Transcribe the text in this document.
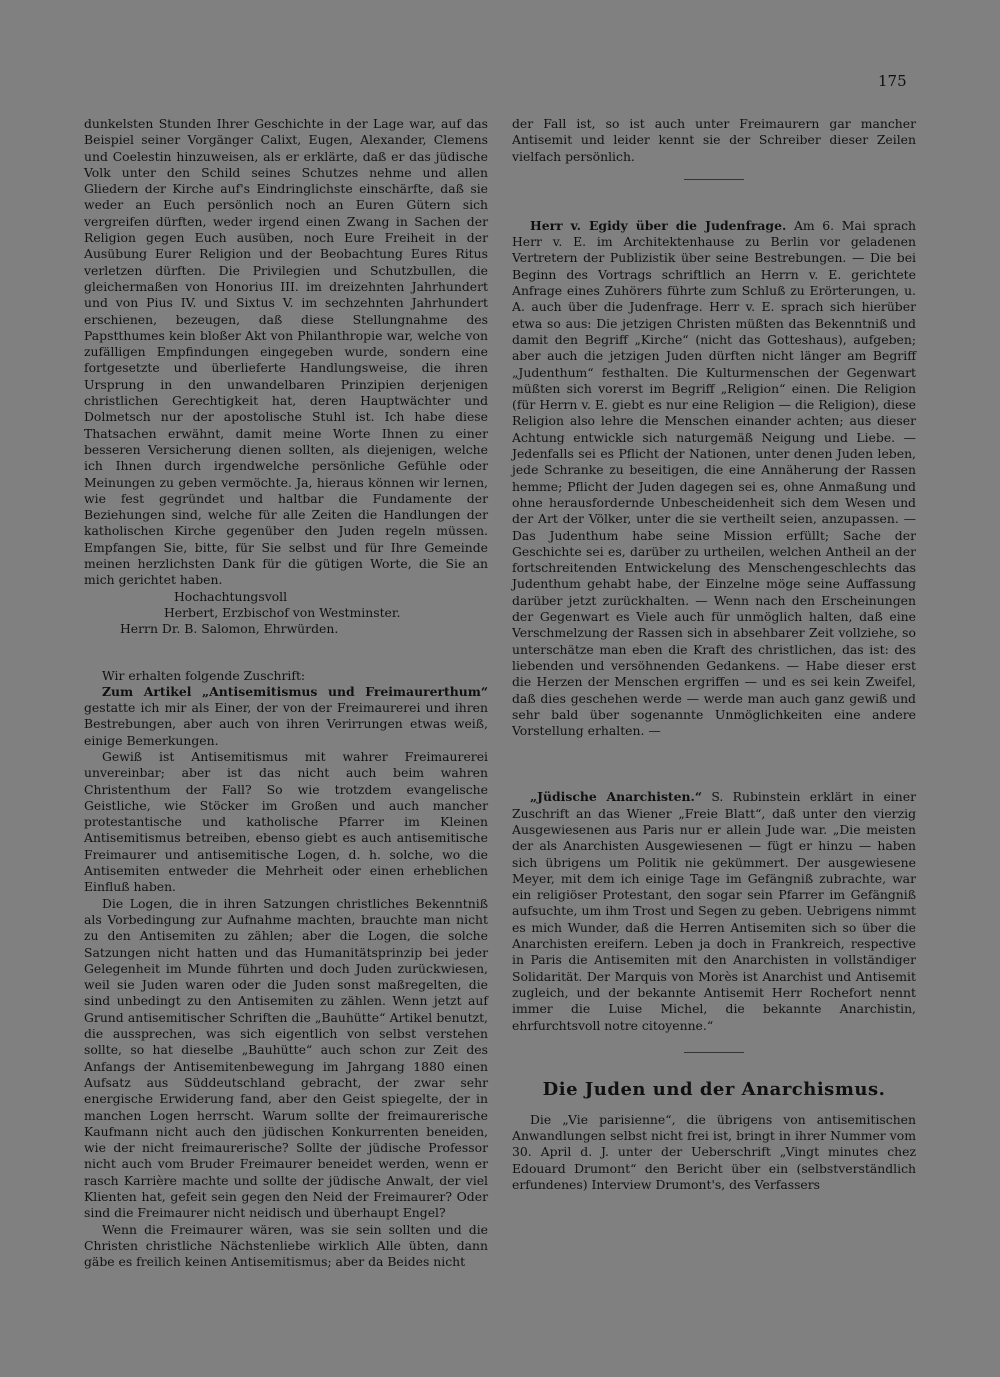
175

dunkelsten Stunden Ihrer Geschichte in der Lage war, auf das Beispiel seiner Vorgänger Calixt, Eugen, Alexander, Clemens und Coelestin hinzuweisen, als er erklärte, daß er das jüdische Volk unter den Schild seines Schutzes nehme und allen Gliedern der Kirche auf's Eindringlichste einschärfte, daß sie weder an Euch persönlich noch an Euren Gütern sich vergreifen dürften, weder irgend einen Zwang in Sachen der Religion gegen Euch ausüben, noch Eure Freiheit in der Ausübung Eurer Religion und der Beobachtung Eures Ritus verletzen dürften. Die Privilegien und Schutzbullen, die gleichermaßen von Honorius III. im dreizehnten Jahrhundert und von Pius IV. und Sixtus V. im sechzehnten Jahrhundert erschienen, bezeugen, daß diese Stellungnahme des Papstthumes kein bloßer Akt von Philanthropie war, welche von zufälligen Empfindungen eingegeben wurde, sondern eine fortgesetzte und überlieferte Handlungsweise, die ihren Ursprung in den unwandelbaren Prinzipien derjenigen christlichen Gerechtigkeit hat, deren Hauptwächter und Dolmetsch nur der apostolische Stuhl ist. Ich habe diese Thatsachen erwähnt, damit meine Worte Ihnen zu einer besseren Versicherung dienen sollten, als diejenigen, welche ich Ihnen durch irgendwelche persönliche Gefühle oder Meinungen zu geben vermöchte. Ja, hieraus können wir lernen, wie fest gegründet und haltbar die Fundamente der Beziehungen sind, welche für alle Zeiten die Handlungen der katholischen Kirche gegenüber den Juden regeln müssen. Empfangen Sie, bitte, für Sie selbst und für Ihre Gemeinde meinen herzlichsten Dank für die gütigen Worte, die Sie an mich gerichtet haben.

Hochachtungsvoll
Herbert, Erzbischof von Westminster.
Herrn Dr. B. Salomon, Ehrwürden.

Wir erhalten folgende Zuschrift:

Zum Artikel „Antisemitismus und Freimaurerthum“ gestatte ich mir als Einer, der von der Freimaurerei und ihren Bestrebungen, aber auch von ihren Verirrungen etwas weiß, einige Bemerkungen.

Gewiß ist Antisemitismus mit wahrer Freimaurerei unvereinbar; aber ist das nicht auch beim wahren Christenthum der Fall? So wie trotzdem evangelische Geistliche, wie Stöcker im Großen und auch mancher protestantische und katholische Pfarrer im Kleinen Antisemitismus betreiben, ebenso giebt es auch antisemitische Freimaurer und antisemitische Logen, d. h. solche, wo die Antisemiten entweder die Mehrheit oder einen erheblichen Einfluß haben.

Die Logen, die in ihren Satzungen christliches Bekenntniß als Vorbedingung zur Aufnahme machten, brauchte man nicht zu den Antisemiten zu zählen; aber die Logen, die solche Satzungen nicht hatten und das Humanitätsprinzip bei jeder Gelegenheit im Munde führten und doch Juden zurückwiesen, weil sie Juden waren oder die Juden sonst maßregelten, die sind unbedingt zu den Antisemiten zu zählen. Wenn jetzt auf Grund antisemitischer Schriften die „Bauhütte“ Artikel benutzt, die aussprechen, was sich eigentlich von selbst verstehen sollte, so hat dieselbe „Bauhütte“ auch schon zur Zeit des Anfangs der Antisemitenbewegung im Jahrgang 1880 einen Aufsatz aus Süddeutschland gebracht, der zwar sehr energische Erwiderung fand, aber den Geist spiegelte, der in manchen Logen herrscht. Warum sollte der freimaurerische Kaufmann nicht auch den jüdischen Konkurrenten beneiden, wie der nicht freimaurerische? Sollte der jüdische Professor nicht auch vom Bruder Freimaurer beneidet werden, wenn er rasch Karrière machte und sollte der jüdische Anwalt, der viel Klienten hat, gefeit sein gegen den Neid der Freimaurer? Oder sind die Freimaurer nicht neidisch und überhaupt Engel?

Wenn die Freimaurer wären, was sie sein sollten und die Christen christliche Nächstenliebe wirklich Alle übten, dann gäbe es freilich keinen Antisemitismus; aber da Beides nicht

der Fall ist, so ist auch unter Freimaurern gar mancher Antisemit und leider kennt sie der Schreiber dieser Zeilen vielfach persönlich.

Herr v. Egidy über die Judenfrage. Am 6. Mai sprach Herr v. E. im Architektenhause zu Berlin vor geladenen Vertretern der Publizistik über seine Bestrebungen. — Die bei Beginn des Vortrags schriftlich an Herrn v. E. gerichtete Anfrage eines Zuhörers führte zum Schluß zu Erörterungen, u. A. auch über die Judenfrage. Herr v. E. sprach sich hierüber etwa so aus: Die jetzigen Christen müßten das Bekenntniß und damit den Begriff „Kirche“ (nicht das Gotteshaus), aufgeben; aber auch die jetzigen Juden dürften nicht länger am Begriff „Judenthum“ festhalten. Die Kulturmenschen der Gegenwart müßten sich vorerst im Begriff „Religion“ einen. Die Religion (für Herrn v. E. giebt es nur eine Religion — die Religion), diese Religion also lehre die Menschen einander achten; aus dieser Achtung entwickle sich naturgemäß Neigung und Liebe. — Jedenfalls sei es Pflicht der Nationen, unter denen Juden leben, jede Schranke zu beseitigen, die eine Annäherung der Rassen hemme; Pflicht der Juden dagegen sei es, ohne Anmaßung und ohne herausfordernde Unbescheidenheit sich dem Wesen und der Art der Völker, unter die sie vertheilt seien, anzupassen. — Das Judenthum habe seine Mission erfüllt; Sache der Geschichte sei es, darüber zu urtheilen, welchen Antheil an der fortschreitenden Entwickelung des Menschengeschlechts das Judenthum gehabt habe, der Einzelne möge seine Auffassung darüber jetzt zurückhalten. — Wenn nach den Erscheinungen der Gegenwart es Viele auch für unmöglich halten, daß eine Verschmelzung der Rassen sich in absehbarer Zeit vollziehe, so unterschätze man eben die Kraft des christlichen, das ist: des liebenden und versöhnenden Gedankens. — Habe dieser erst die Herzen der Menschen ergriffen — und es sei kein Zweifel, daß dies geschehen werde — werde man auch ganz gewiß und sehr bald über sogenannte Unmöglichkeiten eine andere Vorstellung erhalten. —

„Jüdische Anarchisten.“ S. Rubinstein erklärt in einer Zuschrift an das Wiener „Freie Blatt“, daß unter den vierzig Ausgewiesenen aus Paris nur er allein Jude war. „Die meisten der als Anarchisten Ausgewiesenen — fügt er hinzu — haben sich übrigens um Politik nie gekümmert. Der ausgewiesene Meyer, mit dem ich einige Tage im Gefängniß zubrachte, war ein religiöser Protestant, den sogar sein Pfarrer im Gefängniß aufsuchte, um ihm Trost und Segen zu geben. Uebrigens nimmt es mich Wunder, daß die Herren Antisemiten sich so über die Anarchisten ereifern. Leben ja doch in Frankreich, respective in Paris die Antisemiten mit den Anarchisten in vollständiger Solidarität. Der Marquis von Morès ist Anarchist und Antisemit zugleich, und der bekannte Antisemit Herr Rochefort nennt immer die Luise Michel, die bekannte Anarchistin, ehrfurchtsvoll notre citoyenne.“

Die Juden und der Anarchismus.

Die „Vie parisienne“, die übrigens von antisemitischen Anwandlungen selbst nicht frei ist, bringt in ihrer Nummer vom 30. April d. J. unter der Ueberschrift „Vingt minutes chez Edouard Drumont“ den Bericht über ein (selbstverständlich erfundenes) Interview Drumont's, des Verfassers
